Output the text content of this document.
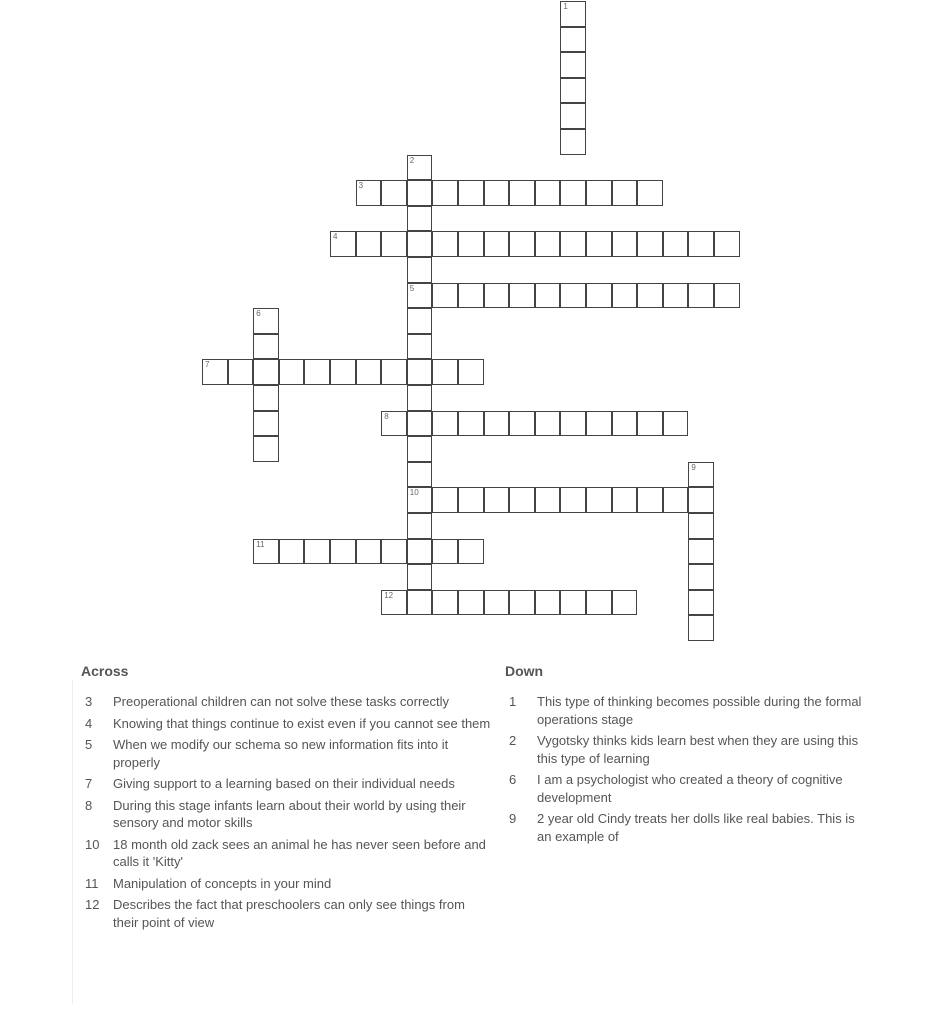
1
2
3
4
5
6
7
8
9
10
11
12
Across
3	Preoperational children can not solve these tasks correctly
4	Knowing that things continue to exist even if you cannot see them
5	When we modify our schema so new information fits into it properly
7	Giving support to a learning based on their individual needs
8	During this stage infants learn about their world by using their sensory and motor skills
10	18 month old zack sees an animal he has never seen before and calls it 'Kitty'
11	Manipulation of concepts in your mind
12	Describes the fact that preschoolers can only see things from their point of view
Down
1	This type of thinking becomes possible during the formal operations stage
2	Vygotsky thinks kids learn best when they are using this this type of learning
6	I am a psychologist who created a theory of cognitive development
9	2 year old Cindy treats her dolls like real babies. This is an example of
